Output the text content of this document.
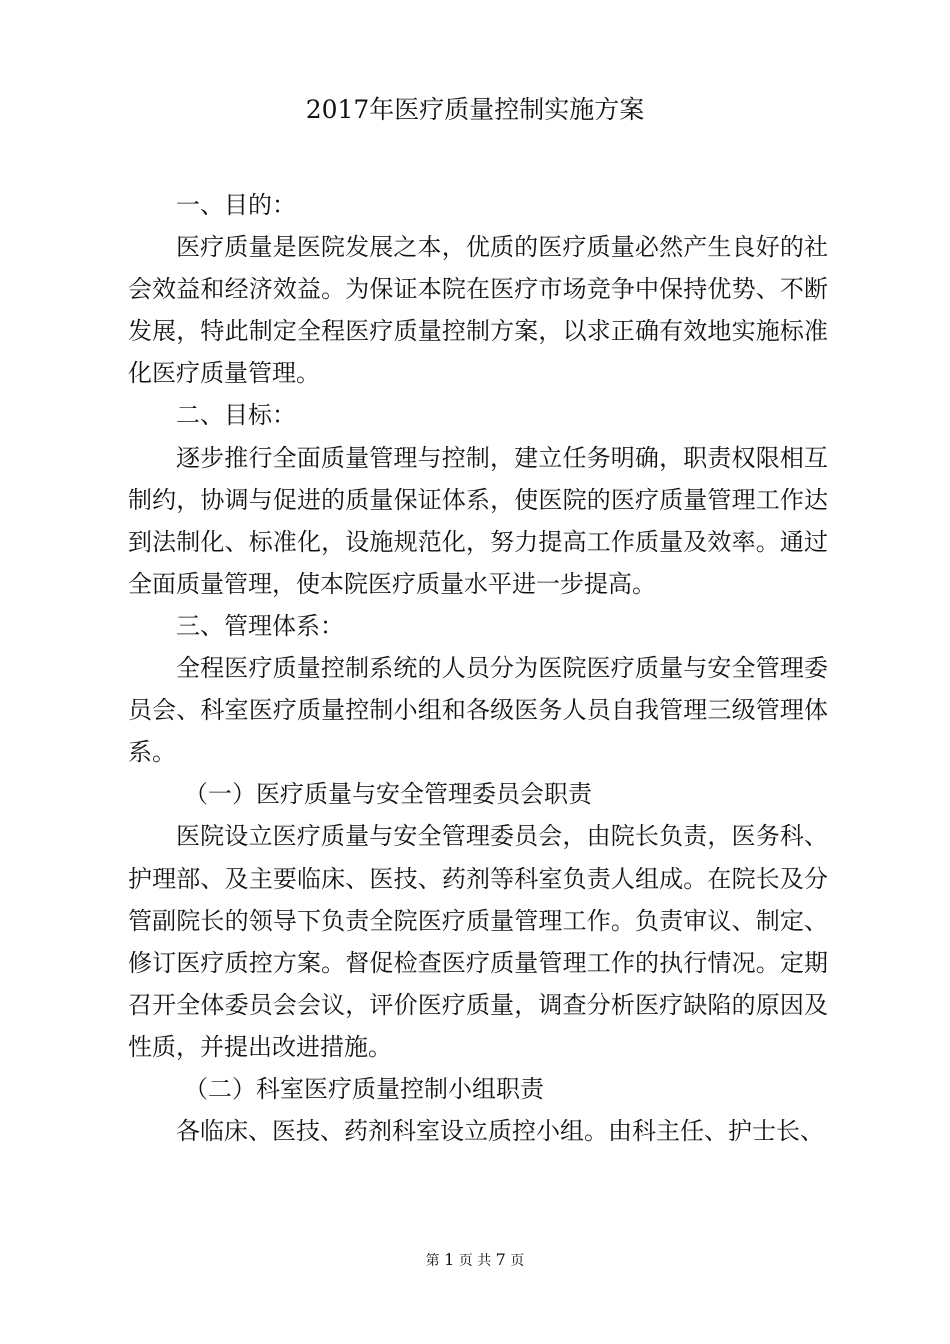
2017年医疗质量控制实施方案

一、目的：

医疗质量是医院发展之本，优质的医疗质量必然产生良好的社会效益和经济效益。为保证本院在医疗市场竞争中保持优势、不断发展，特此制定全程医疗质量控制方案，以求正确有效地实施标准化医疗质量管理。

二、目标：

逐步推行全面质量管理与控制，建立任务明确，职责权限相互制约，协调与促进的质量保证体系，使医院的医疗质量管理工作达到法制化、标准化，设施规范化，努力提高工作质量及效率。通过全面质量管理，使本院医疗质量水平进一步提高。

三、管理体系：

全程医疗质量控制系统的人员分为医院医疗质量与安全管理委员会、科室医疗质量控制小组和各级医务人员自我管理三级管理体系。

（一）医疗质量与安全管理委员会职责

医院设立医疗质量与安全管理委员会，由院长负责，医务科、护理部、及主要临床、医技、药剂等科室负责人组成。在院长及分管副院长的领导下负责全院医疗质量管理工作。负责审议、制定、修订医疗质控方案。督促检查医疗质量管理工作的执行情况。定期召开全体委员会会议，评价医疗质量，调查分析医疗缺陷的原因及性质，并提出改进措施。

（二）科室医疗质量控制小组职责

各临床、医技、药剂科室设立质控小组。由科主任、护士长、

第 1 页 共 7 页
